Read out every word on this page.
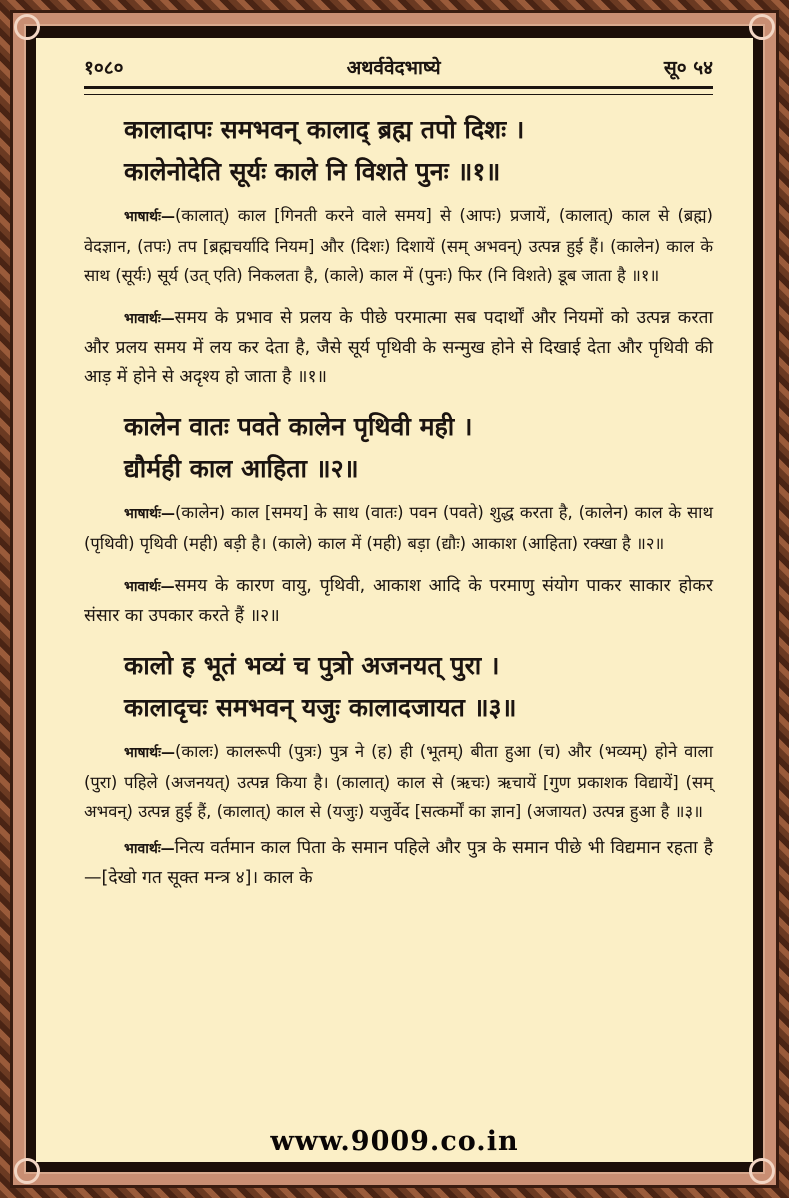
१०८०	अथर्ववेदभाष्ये	सू० ५४
कालादापः समभवन् कालाद् ब्रह्म तपो दिशः ।
कालेनोदेति सूर्यः काले नि विशते पुनः ॥१॥

भाषार्थः—(कालात्) काल [गिनती करने वाले समय] से (आपः) प्रजायें, (कालात्) काल से (ब्रह्म) वेदज्ञान, (तपः) तप [ब्रह्मचर्यादि नियम] और (दिशः) दिशायें (सम् अभवन्) उत्पन्न हुई हैं। (कालेन) काल के साथ (सूर्यः) सूर्य (उत् एति) निकलता है, (काले) काल में (पुनः) फिर (नि विशते) डूब जाता है ॥१॥

भावार्थः—समय के प्रभाव से प्रलय के पीछे परमात्मा सब पदार्थों और नियमों को उत्पन्न करता और प्रलय समय में लय कर देता है, जैसे सूर्य पृथिवी के सन्मुख होने से दिखाई देता और पृथिवी की आड़ में होने से अदृश्य हो जाता है ॥१॥

कालेन वातः पवते कालेन पृथिवी मही ।
द्यौर्मही काल आहिता ॥२॥

भाषार्थः—(कालेन) काल [समय] के साथ (वातः) पवन (पवते) शुद्ध करता है, (कालेन) काल के साथ (पृथिवी) पृथिवी (मही) बड़ी है। (काले) काल में (मही) बड़ा (द्यौः) आकाश (आहिता) रक्खा है ॥२॥

भावार्थः—समय के कारण वायु, पृथिवी, आकाश आदि के परमाणु संयोग पाकर साकार होकर संसार का उपकार करते हैं ॥२॥

कालो ह भूतं भव्यं च पुत्रो अजनयत् पुरा ।
कालादृचः समभवन् यजुः कालादजायत ॥३॥

भाषार्थः—(कालः) कालरूपी (पुत्रः) पुत्र ने (ह) ही (भूतम्) बीता हुआ (च) और (भव्यम्) होने वाला (पुरा) पहिले (अजनयत्) उत्पन्न किया है। (कालात्) काल से (ऋचः) ऋचायें [गुण प्रकाशक विद्यायें] (सम् अभवन्) उत्पन्न हुई हैं, (कालात्) काल से (यजुः) यजुर्वेद [सत्कर्मों का ज्ञान] (अजायत) उत्पन्न हुआ है ॥३॥

भावार्थः—नित्य वर्तमान काल पिता के समान पहिले और पुत्र के समान पीछे भी विद्यमान रहता है—[देखो गत सूक्त मन्त्र ४]। काल के

www.9009.co.in
